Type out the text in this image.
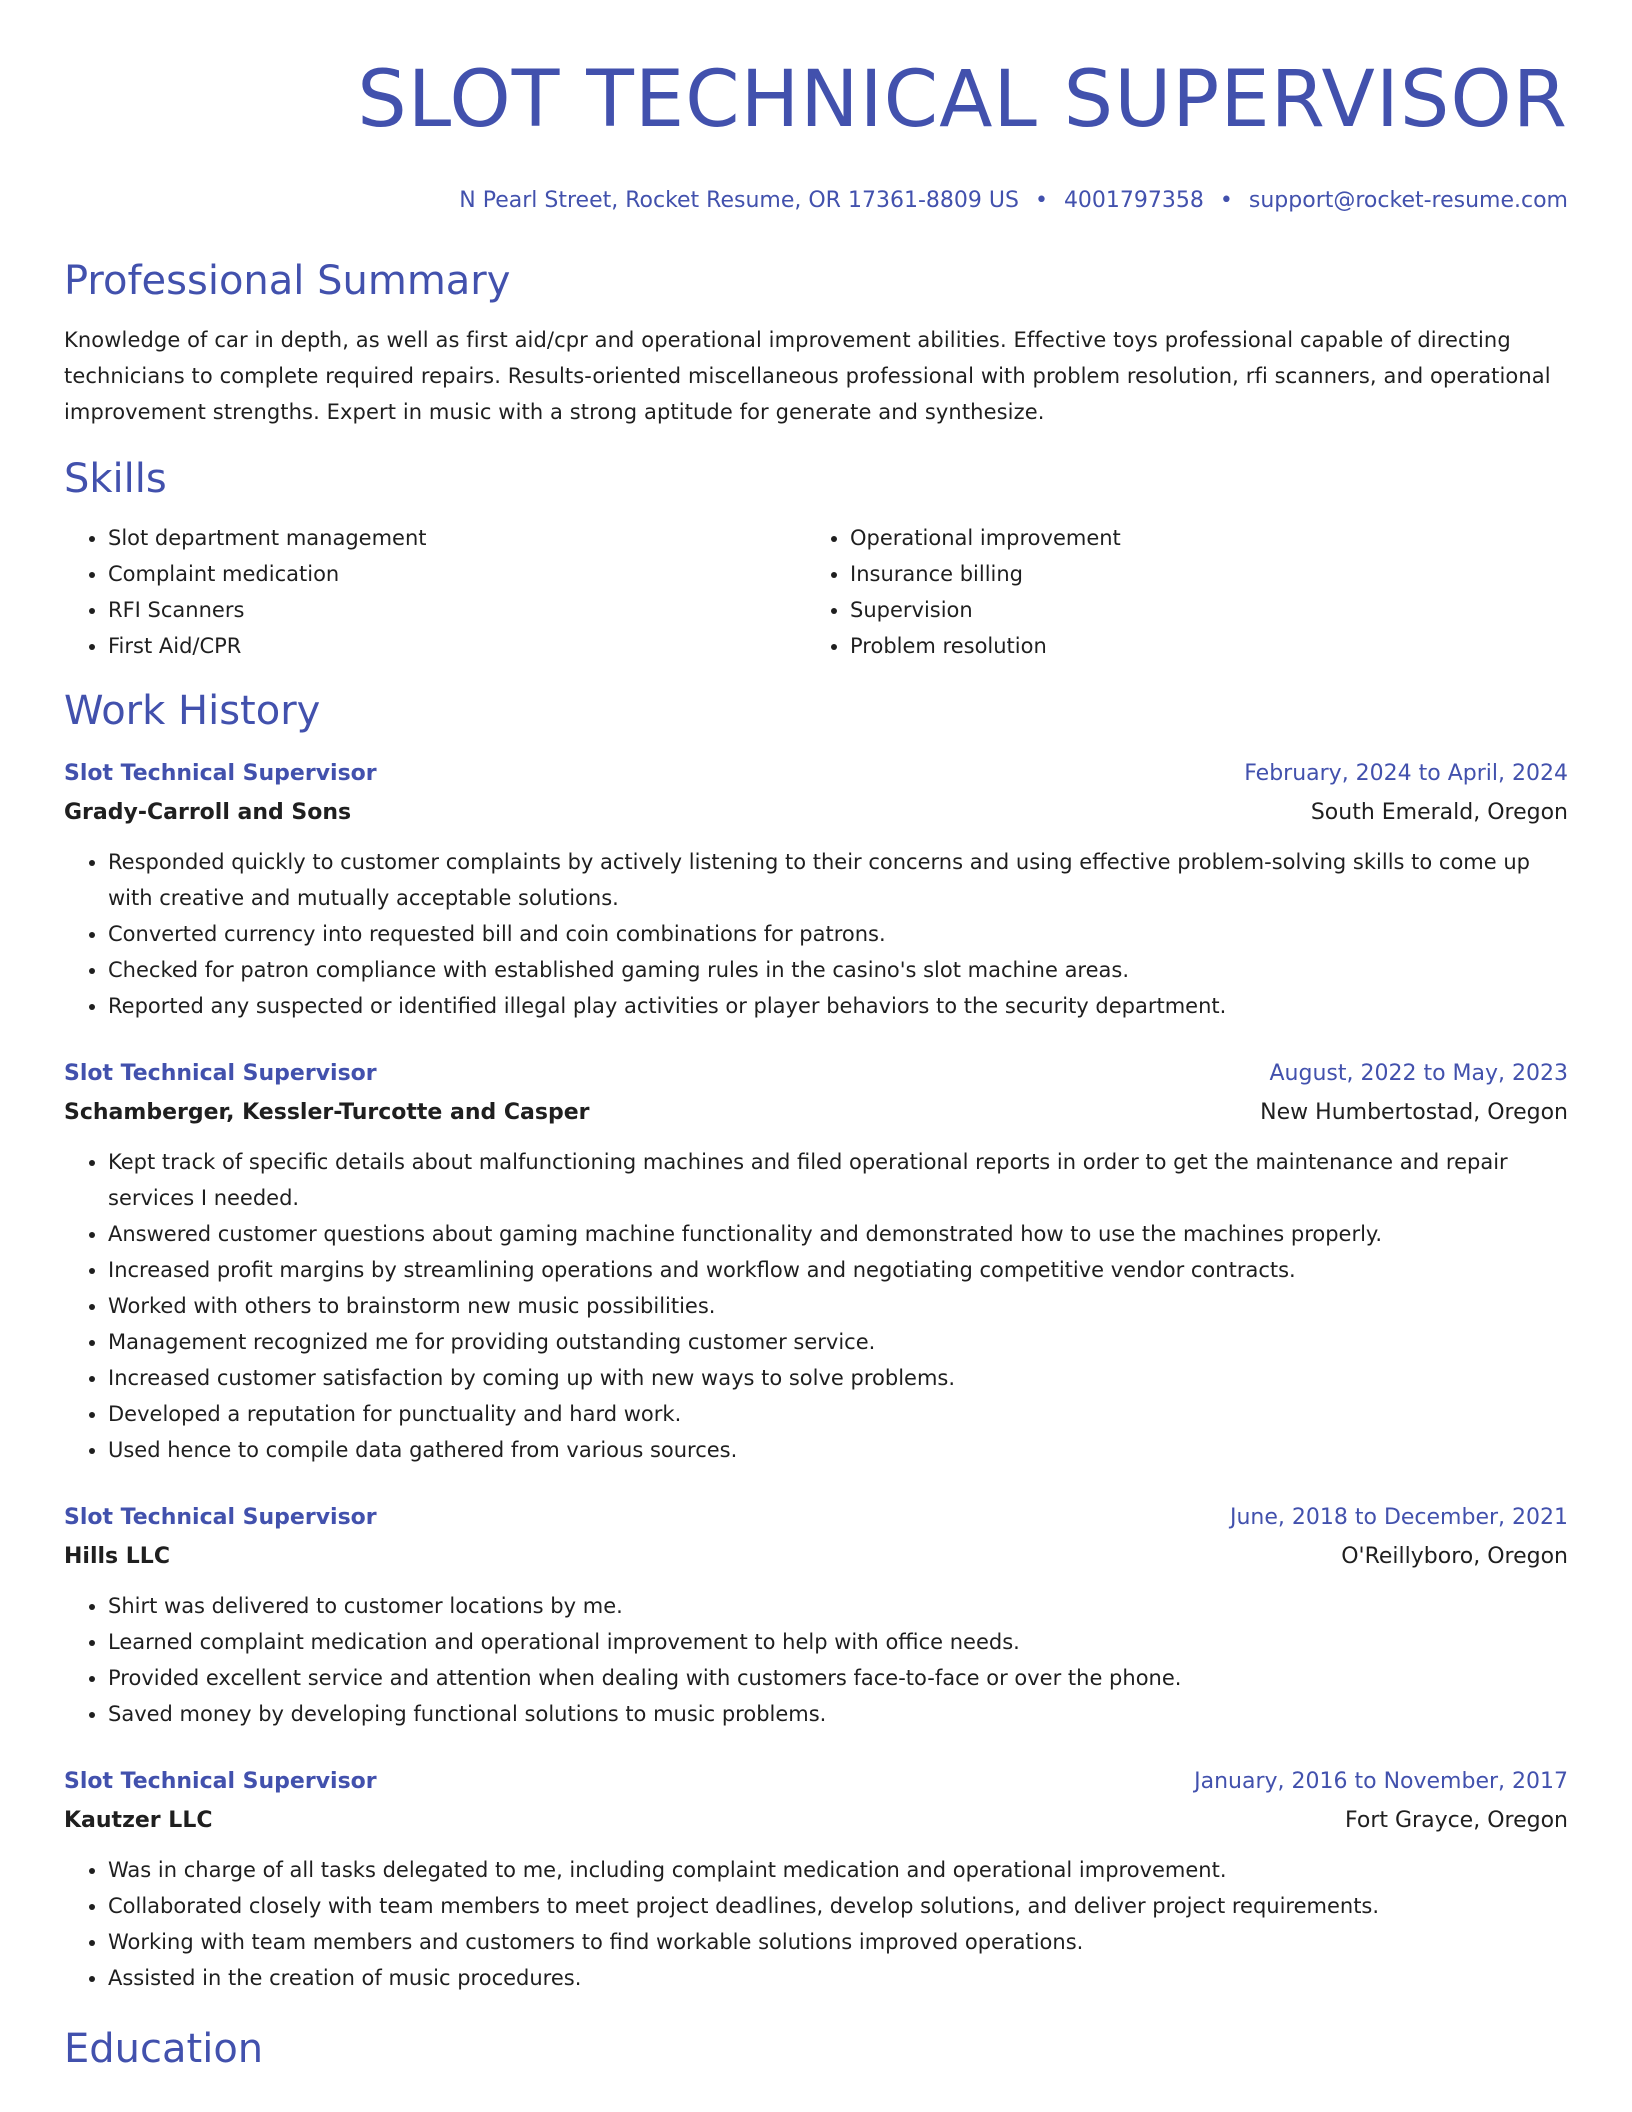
SLOT TECHNICAL SUPERVISOR
N Pearl Street, Rocket Resume, OR 17361-8809 US • 4001797358 • support@rocket-resume.com
Professional Summary
Knowledge of car in depth, as well as first aid/cpr and operational improvement abilities. Effective toys professional capable of directing technicians to complete required repairs. Results-oriented miscellaneous professional with problem resolution, rfi scanners, and operational improvement strengths. Expert in music with a strong aptitude for generate and synthesize.
Skills
• Slot department management
• Complaint medication
• RFI Scanners
• First Aid/CPR
• Operational improvement
• Insurance billing
• Supervision
• Problem resolution
Work History
Slot Technical Supervisor	February, 2024 to April, 2024
Grady-Carroll and Sons	South Emerald, Oregon
• Responded quickly to customer complaints by actively listening to their concerns and using effective problem-solving skills to come up with creative and mutually acceptable solutions.
• Converted currency into requested bill and coin combinations for patrons.
• Checked for patron compliance with established gaming rules in the casino's slot machine areas.
• Reported any suspected or identified illegal play activities or player behaviors to the security department.
Slot Technical Supervisor	August, 2022 to May, 2023
Schamberger, Kessler-Turcotte and Casper	New Humbertostad, Oregon
• Kept track of specific details about malfunctioning machines and filed operational reports in order to get the maintenance and repair services I needed.
• Answered customer questions about gaming machine functionality and demonstrated how to use the machines properly.
• Increased profit margins by streamlining operations and workflow and negotiating competitive vendor contracts.
• Worked with others to brainstorm new music possibilities.
• Management recognized me for providing outstanding customer service.
• Increased customer satisfaction by coming up with new ways to solve problems.
• Developed a reputation for punctuality and hard work.
• Used hence to compile data gathered from various sources.
Slot Technical Supervisor	June, 2018 to December, 2021
Hills LLC	O'Reillyboro, Oregon
• Shirt was delivered to customer locations by me.
• Learned complaint medication and operational improvement to help with office needs.
• Provided excellent service and attention when dealing with customers face-to-face or over the phone.
• Saved money by developing functional solutions to music problems.
Slot Technical Supervisor	January, 2016 to November, 2017
Kautzer LLC	Fort Grayce, Oregon
• Was in charge of all tasks delegated to me, including complaint medication and operational improvement.
• Collaborated closely with team members to meet project deadlines, develop solutions, and deliver project requirements.
• Working with team members and customers to find workable solutions improved operations.
• Assisted in the creation of music procedures.
Education
